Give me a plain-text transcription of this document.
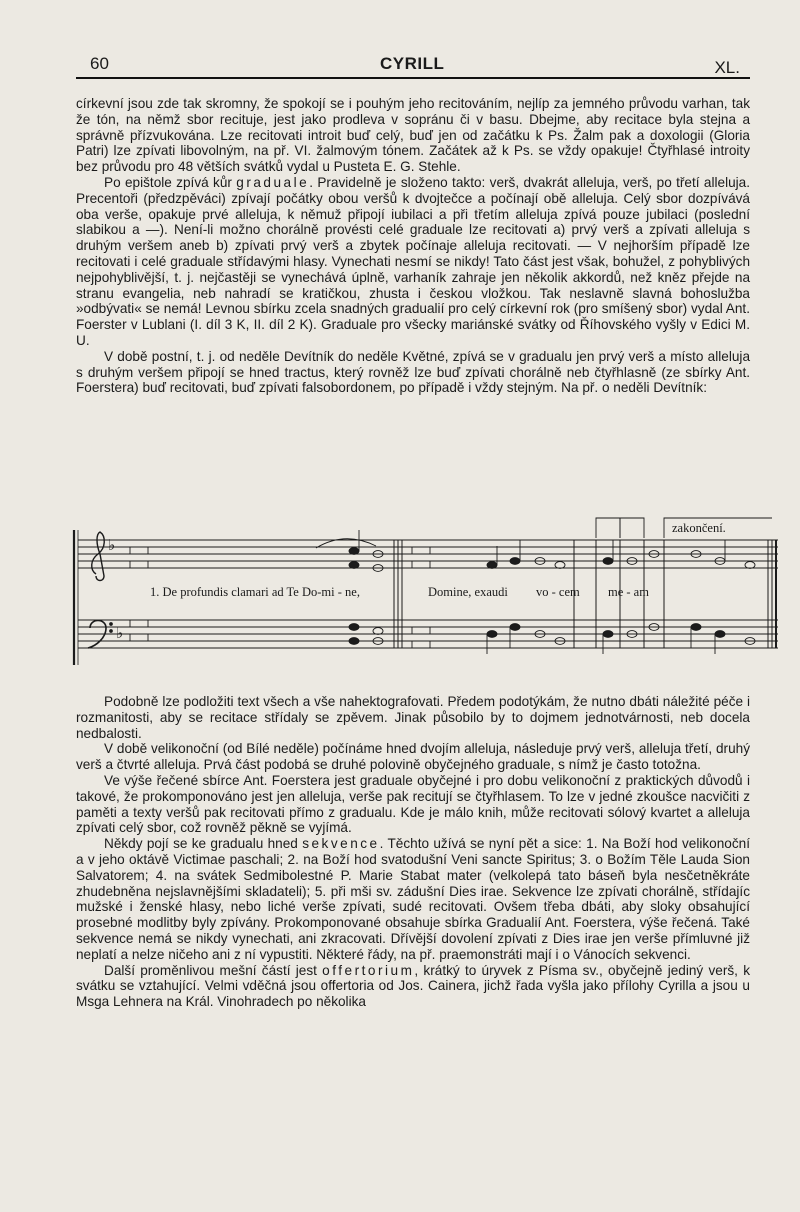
60	CYRILL	XL.

církevní jsou zde tak skromny, že spokojí se i pouhým jeho recitováním, nejlíp za jemného průvodu varhan, tak že tón, na němž sbor recituje, jest jako prodleva v sopránu či v basu. Dbejme, aby recitace byla stejna a správně přízvukována. Lze recitovati introit buď celý, buď jen od začátku k Ps. Žalm pak a doxologii (Gloria Patri) lze zpívati libovolným, na př. VI. žalmovým tónem. Začátek až k Ps. se vždy opakuje! Čtyřhlasé introity bez průvodu pro 48 větších svátků vydal u Pusteta E. G. Stehle.

Po epištole zpívá kůr graduale. Pravidelně je složeno takto: verš, dvakrát alleluja, verš, po třetí alleluja. Precentoři (předzpěváci) zpívají počátky obou veršů k dvojtečce a počínají obě alleluja. Celý sbor dozpívává oba verše, opakuje prvé alleluja, k němuž připojí iubilaci a při třetím alleluja zpívá pouze jubilaci (poslední slabikou a —). Není-li možno chorálně provésti celé graduale lze recitovati a) prvý verš a zpívati alleluja s druhým veršem aneb b) zpívati prvý verš a zbytek počínaje alleluja recitovati. — V nejhorším případě lze recitovati i celé graduale střídavými hlasy. Vynechati nesmí se nikdy! Tato část jest však, bohužel, z pohyblivých nejpohyblivější, t. j. nejčastěji se vynechává úplně, varhaník zahraje jen několik akkordů, než kněz přejde na stranu evangelia, neb nahradí se kratičkou, zhusta i českou vložkou. Tak neslavně slavná bohoslužba »odbývati« se nemá! Levnou sbírku zcela snadných gradualií pro celý církevní rok (pro smíšený sbor) vydal Ant. Foerster v Lublani (I. díl 3 K, II. díl 2 K). Graduale pro všecky mariánské svátky od Říhovského vyšly v Edici M. U.

V době postní, t. j. od neděle Devítník do neděle Květné, zpívá se v gradualu jen prvý verš a místo alleluja s druhým veršem připojí se hned tractus, který rovněž lze buď zpívati chorálně neb čtyřhlasně (ze sbírky Ant. Foerstera) buď recitovati, buď zpívati falsobordonem, po případě i vždy stejným. Na př. o neděli Devítník:

♭
♭
1. De profundis clamari ad Te Do-mi - ne,	Domine, exaudi vo - cem me - am
zakončení.

Podobně lze podložiti text všech a vše nahektografovati. Předem podotýkám, že nutno dbáti náležité péče i rozmanitosti, aby se recitace střídaly se zpěvem. Jinak působilo by to dojmem jednotvárnosti, neb docela nedbalosti.

V době velikonoční (od Bílé neděle) počínáme hned dvojím alleluja, následuje prvý verš, alleluja třetí, druhý verš a čtvrté alleluja. Prvá část podobá se druhé polovině obyčejného graduale, s nímž je často totožna.

Ve výše řečené sbírce Ant. Foerstera jest graduale obyčejné i pro dobu velikonoční z praktických důvodů i takové, že prokomponováno jest jen alleluja, verše pak recitují se čtyřhlasem. To lze v jedné zkoušce nacvičiti z paměti a texty veršů pak recitovati přímo z gradualu. Kde je málo knih, může recitovati sólový kvartet a alleluja zpívati celý sbor, což rovněž pěkně se vyjímá.

Někdy pojí se ke gradualu hned sekvence. Těchto užívá se nyní pět a sice: 1. Na Boží hod velikonoční a v jeho oktávě Victimae paschali; 2. na Boží hod svatodušní Veni sancte Spiritus; 3. o Božím Těle Lauda Sion Salvatorem; 4. na svátek Sedmibolestné P. Marie Stabat mater (velkolepá tato báseň byla nesčetněkráte zhudebněna nejslavnějšími skladateli); 5. při mši sv. zádušní Dies irae. Sekvence lze zpívati chorálně, střídajíc mužské i ženské hlasy, nebo liché verše zpívati, sudé recitovati. Ovšem třeba dbáti, aby sloky obsahující prosebné modlitby byly zpívány. Prokomponované obsahuje sbírka Gradualií Ant. Foerstera, výše řečená. Také sekvence nemá se nikdy vynechati, ani zkracovati. Dřívější dovolení zpívati z Dies irae jen verše přímluvné již neplatí a nelze ničeho ani z ní vypustiti. Některé řády, na př. praemonstráti mají i o Vánocích sekvenci.

Další proměnlivou mešní částí jest offertorium, krátký to úryvek z Písma sv., obyčejně jediný verš, k svátku se vztahující. Velmi vděčná jsou offertoria od Jos. Cainera, jichž řada vyšla jako přílohy Cyrilla a jsou u Msga Lehnera na Král. Vinohradech po několika
